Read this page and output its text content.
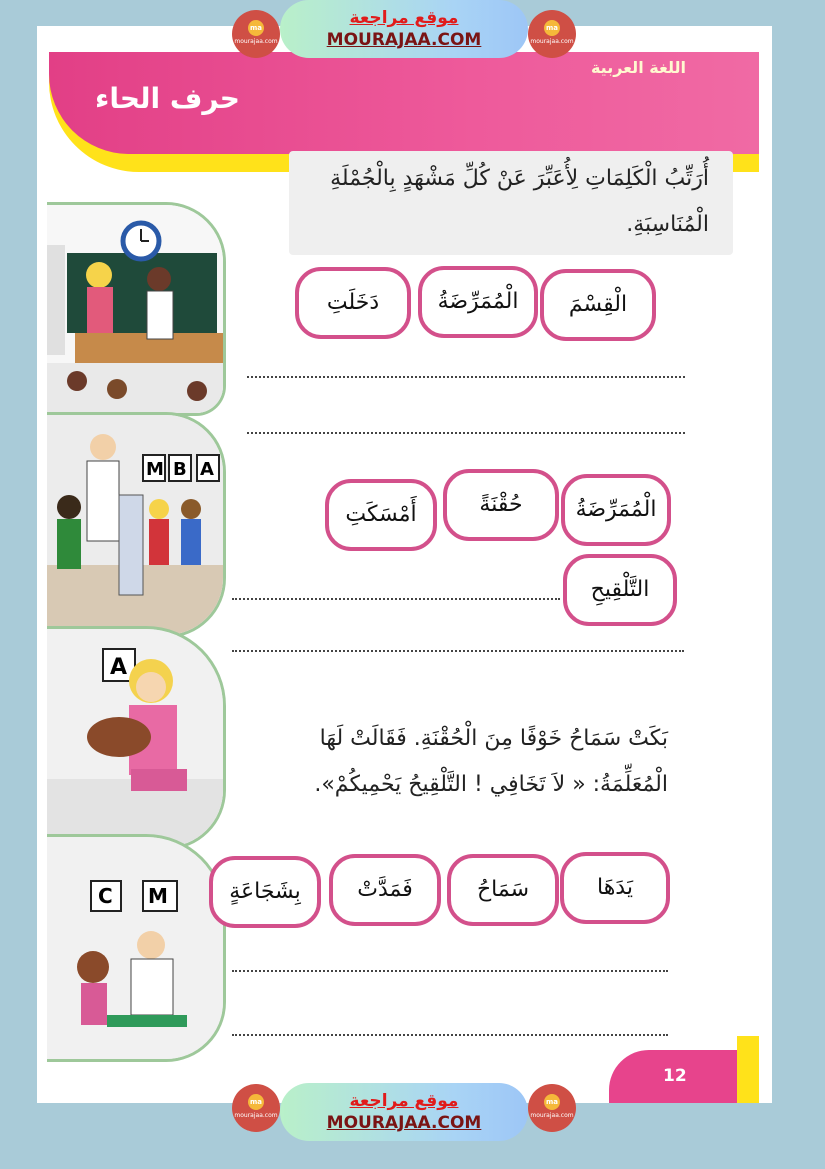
ma
mourajaa.com
موقع مراجعة
MOURAJAA.COM
ma
mourajaa.com
اللغة العربية
حرف الحاء
أُرَتِّبُ الْكَلِمَاتِ لِأُعَبِّرَ عَنْ كُلِّ مَشْهَدٍ بِالْجُمْلَةِ الْمُنَاسِبَةِ.
M B A
A
C M
الْقِسْمَ
الْمُمَرِّضَةُ
دَخَلَتِ
الْمُمَرِّضَةُ
حُقْنَةً
أَمْسَكَتِ
التَّلْقِيحِ
بَكَتْ سَمَاحُ خَوْفًا مِنَ الْحُقْنَةِ. فَقَالَتْ لَهَا الْمُعَلِّمَةُ: « لاَ تَخَافِي ! التَّلْقِيحُ يَحْمِيكُمْ».
يَدَهَا
سَمَاحُ
فَمَدَّتْ
بِشَجَاعَةٍ
12
ma
mourajaa.com
موقع مراجعة
MOURAJAA.COM
ma
mourajaa.com
